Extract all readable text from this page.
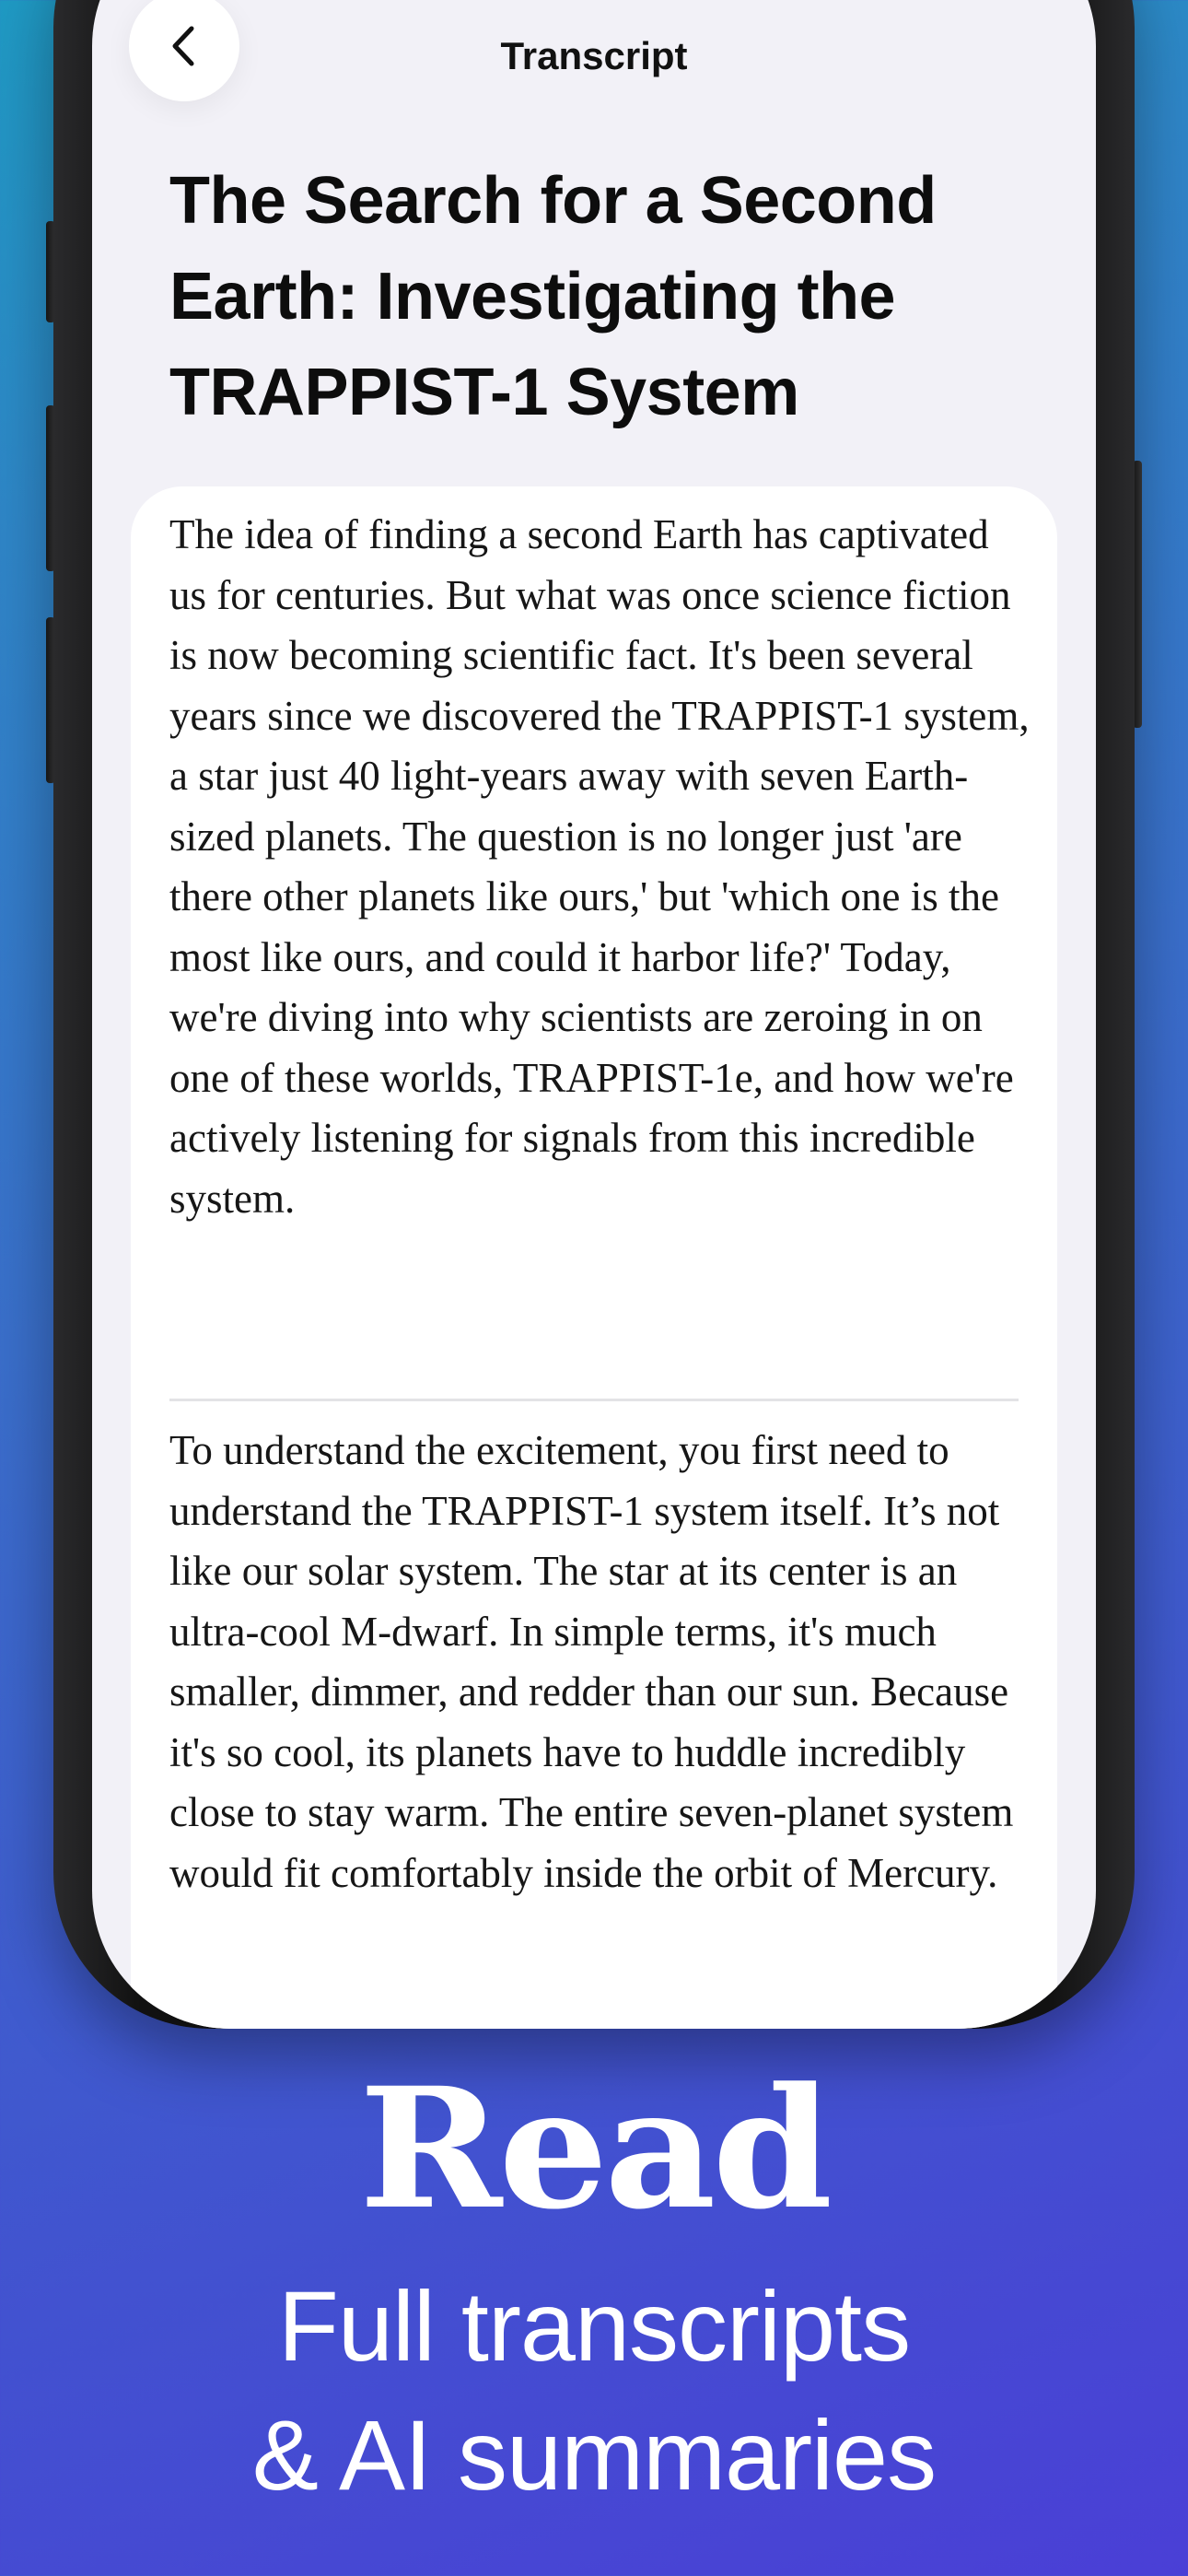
Transcript
The Search for a Second Earth: Investigating the TRAPPIST-1 System

The idea of finding a second Earth has captivated us for centuries. But what was once science fiction is now becoming scientific fact. It's been several years since we discovered the TRAPPIST-1 system, a star just 40 light-years away with seven Earth-sized planets. The question is no longer just 'are there other planets like ours,' but 'which one is the most like ours, and could it harbor life?' Today, we're diving into why scientists are zeroing in on one of these worlds, TRAPPIST-1e, and how we're actively listening for signals from this incredible system.

To understand the excitement, you first need to understand the TRAPPIST-1 system itself. It’s not like our solar system. The star at its center is an ultra-cool M-dwarf. In simple terms, it's much smaller, dimmer, and redder than our sun. Because it's so cool, its planets have to huddle incredibly close to stay warm. The entire seven-planet system would fit comfortably inside the orbit of Mercury.

Read

Full transcripts

& AI summaries
